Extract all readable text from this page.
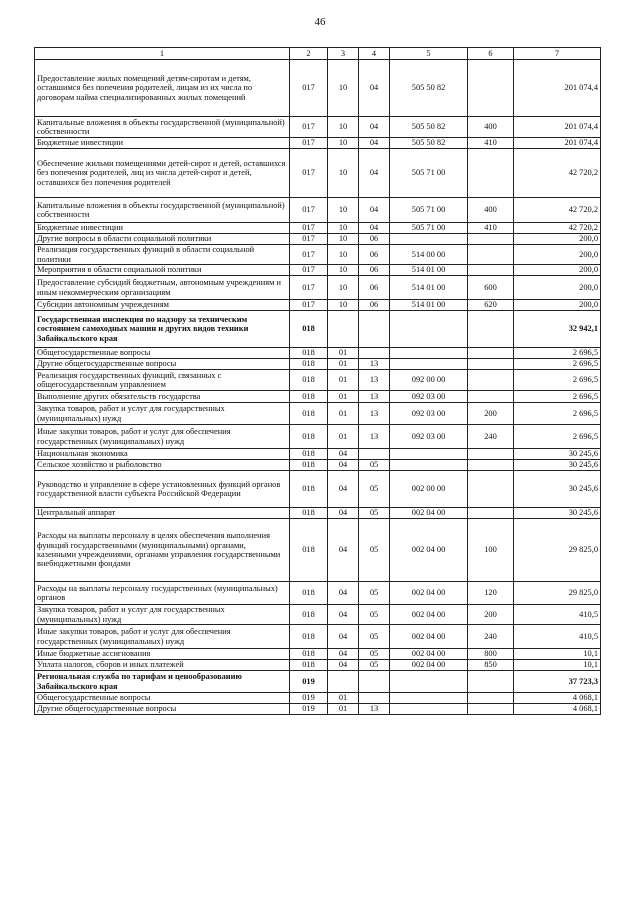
46
1	2	3	4	5	6	7
Предоставление жилых помещений детям-сиротам и детям, оставшимся без попечения родителей, лицам из их числа по договорам найма специализированных жилых помещений	017	10	04	505 50 82		201 074,4
Капитальные вложения в объекты государственной (муниципальной) собственности	017	10	04	505 50 82	400	201 074,4
Бюджетные инвестиции	017	10	04	505 50 82	410	201 074,4
Обеспечение жильми помещениями детей-сирот и детей, оставшихся без попечения родителей, лиц из числа детей-сирот и детей, оставшихся без попечения родителей	017	10	04	505 71 00		42 720,2
Капитальные вложения в объекты государственной (муниципальной) собственности	017	10	04	505 71 00	400	42 720,2
Бюджетные инвестиции	017	10	04	505 71 00	410	42 720,2
Другие вопросы в области социальной политики	017	10	06			200,0
Реализация государственных функций в области социальной политики	017	10	06	514 00 00		200,0
Мероприятия в области социальной политики	017	10	06	514 01 00		200,0
Предоставление субсидий бюджетным, автономным учреждениям и иным некоммерческим организациям	017	10	06	514 01 00	600	200,0
Субсидии автономным учреждениям	017	10	06	514 01 00	620	200,0
Государственная инспекция по надзору за техническим состоянием самоходных машин и других видов техники Забайкальского края	018					32 942,1
Общегосударственные вопросы	018	01				2 696,5
Другие общегосударственные вопросы	018	01	13			2 696,5
Реализация государственных функций, связанных с общегосударственным управлением	018	01	13	092 00 00		2 696,5
Выполнение других обязательств государства	018	01	13	092 03 00		2 696,5
Закупка товаров, работ и услуг для государственных (муниципальных) нужд	018	01	13	092 03 00	200	2 696,5
Иные закупки товаров, работ и услуг для обеспечения государственных (муниципальных) нужд	018	01	13	092 03 00	240	2 696,5
Национальная экономика	018	04				30 245,6
Сельское хозяйство и рыболовство	018	04	05			30 245,6
Руководство и управление в сфере установленных функций органов государственной власти субъекта Российской Федерации	018	04	05	002 00 00		30 245,6
Центральный аппарат	018	04	05	002 04 00		30 245,6
Расходы на выплаты персоналу в целях обеспечения выполнения функций государственными (муниципальными) органами, казенными учреждениями, органами управления государственными внебюджетными фондами	018	04	05	002 04 00	100	29 825,0
Расходы на выплаты персоналу государственных (муниципальных) органов	018	04	05	002 04 00	120	29 825,0
Закупка товаров, работ и услуг для государственных (муниципальных) нужд	018	04	05	002 04 00	200	410,5
Иные закупки товаров, работ и услуг для обеспечения государственных (муниципальных) нужд	018	04	05	002 04 00	240	410,5
Иные бюджетные ассигнования	018	04	05	002 04 00	800	10,1
Уплата налогов, сборов и иных платежей	018	04	05	002 04 00	850	10,1
Региональная служба по тарифам и ценообразованию Забайкальского края	019					37 723,3
Общегосударственные вопросы	019	01				4 068,1
Другие общегосударственные вопросы	019	01	13			4 068,1
